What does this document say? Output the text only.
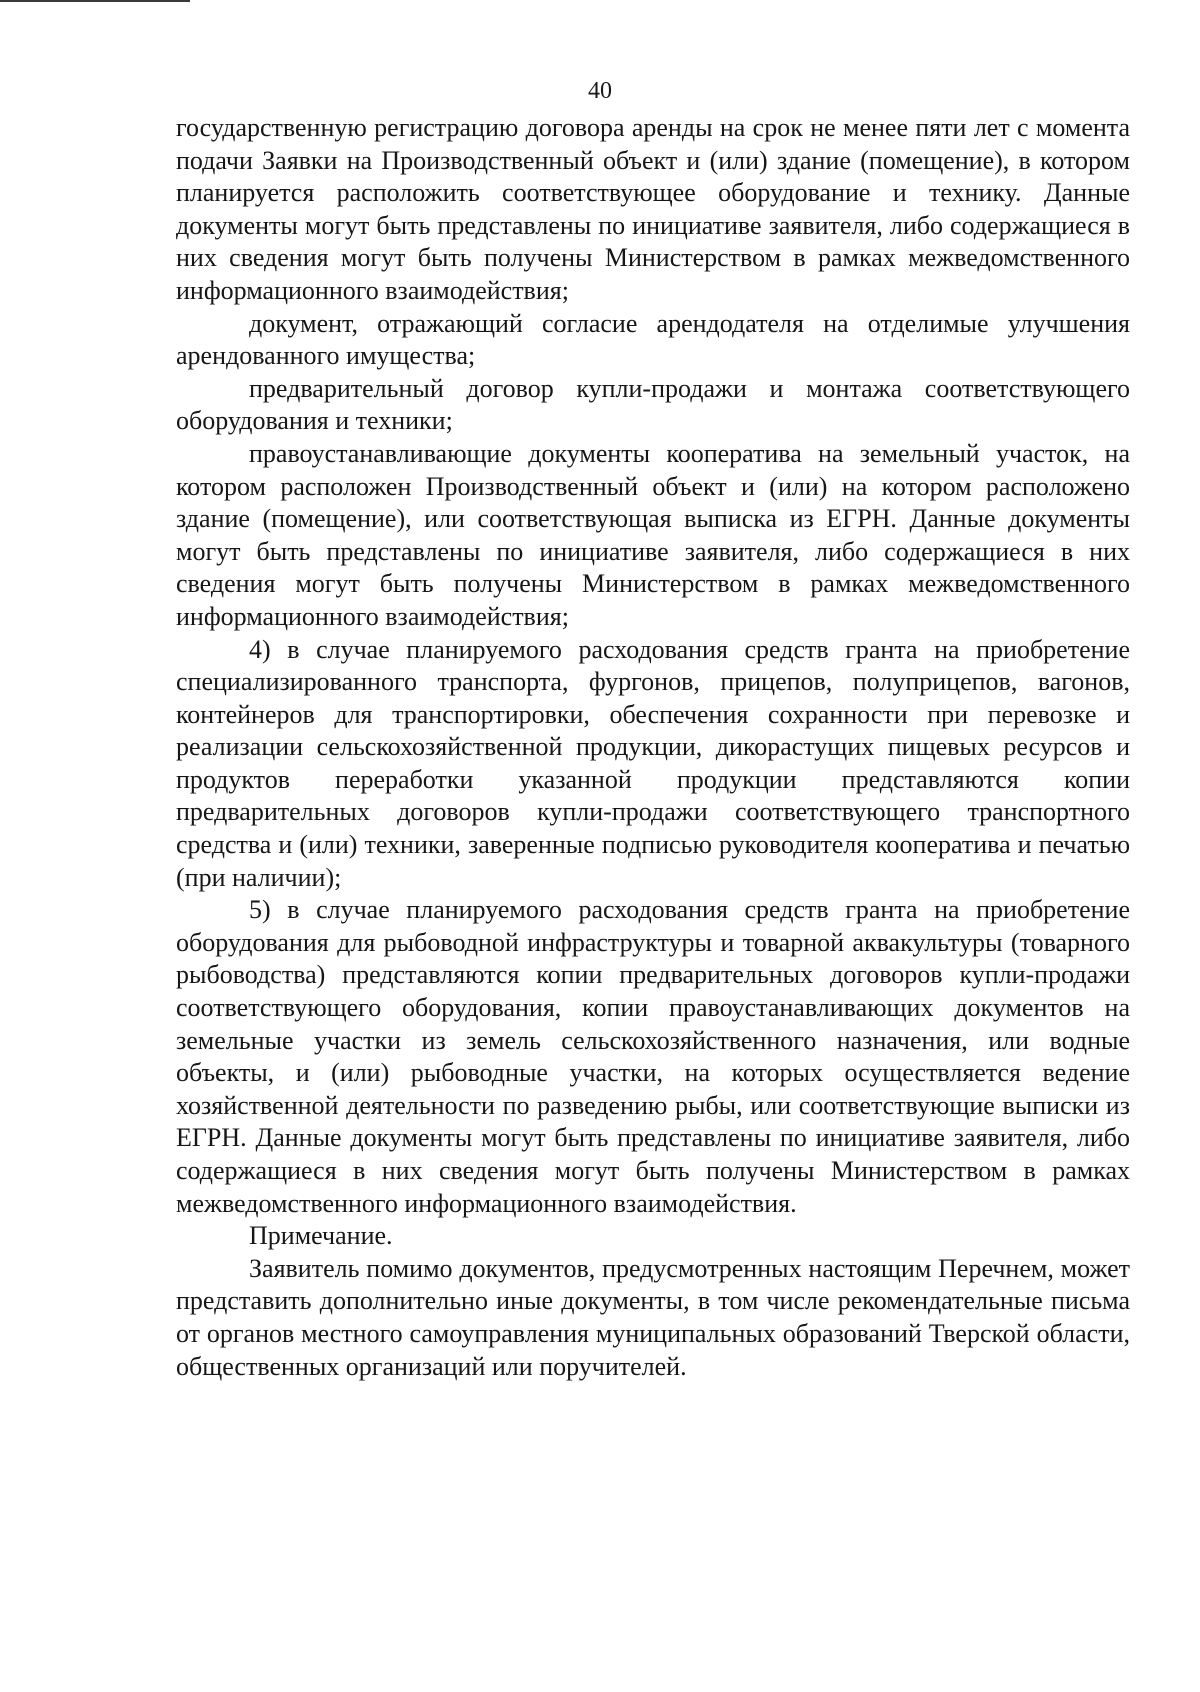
40

государственную регистрацию договора аренды на срок не менее пяти лет с момента подачи Заявки на Производственный объект и (или) здание (помещение), в котором планируется расположить соответствующее оборудование и технику. Данные документы могут быть представлены по инициативе заявителя, либо содержащиеся в них сведения могут быть получены Министерством в рамках межведомственного информационного взаимодействия;

документ, отражающий согласие арендодателя на отделимые улучшения арендованного имущества;

предварительный договор купли-продажи и монтажа соответствующего оборудования и техники;

правоустанавливающие документы кооператива на земельный участок, на котором расположен Производственный объект и (или) на котором расположено здание (помещение), или соответствующая выписка из ЕГРН. Данные документы могут быть представлены по инициативе заявителя, либо содержащиеся в них сведения могут быть получены Министерством в рамках межведомственного информационного взаимодействия;

4) в случае планируемого расходования средств гранта на приобретение специализированного транспорта, фургонов, прицепов, полуприцепов, вагонов, контейнеров для транспортировки, обеспечения сохранности при перевозке и реализации сельскохозяйственной продукции, дикорастущих пищевых ресурсов и продуктов переработки указанной продукции представляются копии предварительных договоров купли-продажи соответствующего транспортного средства и (или) техники, заверенные подписью руководителя кооператива и печатью (при наличии);

5) в случае планируемого расходования средств гранта на приобретение оборудования для рыбоводной инфраструктуры и товарной аквакультуры (товарного рыбоводства) представляются копии предварительных договоров купли-продажи соответствующего оборудования, копии правоустанавливающих документов на земельные участки из земель сельскохозяйственного назначения, или водные объекты, и (или) рыбоводные участки, на которых осуществляется ведение хозяйственной деятельности по разведению рыбы, или соответствующие выписки из ЕГРН. Данные документы могут быть представлены по инициативе заявителя, либо содержащиеся в них сведения могут быть получены Министерством в рамках межведомственного информационного взаимодействия.

Примечание.

Заявитель помимо документов, предусмотренных настоящим Перечнем, может представить дополнительно иные документы, в том числе рекомендательные письма от органов местного самоуправления муниципальных образований Тверской области, общественных организаций или поручителей.
